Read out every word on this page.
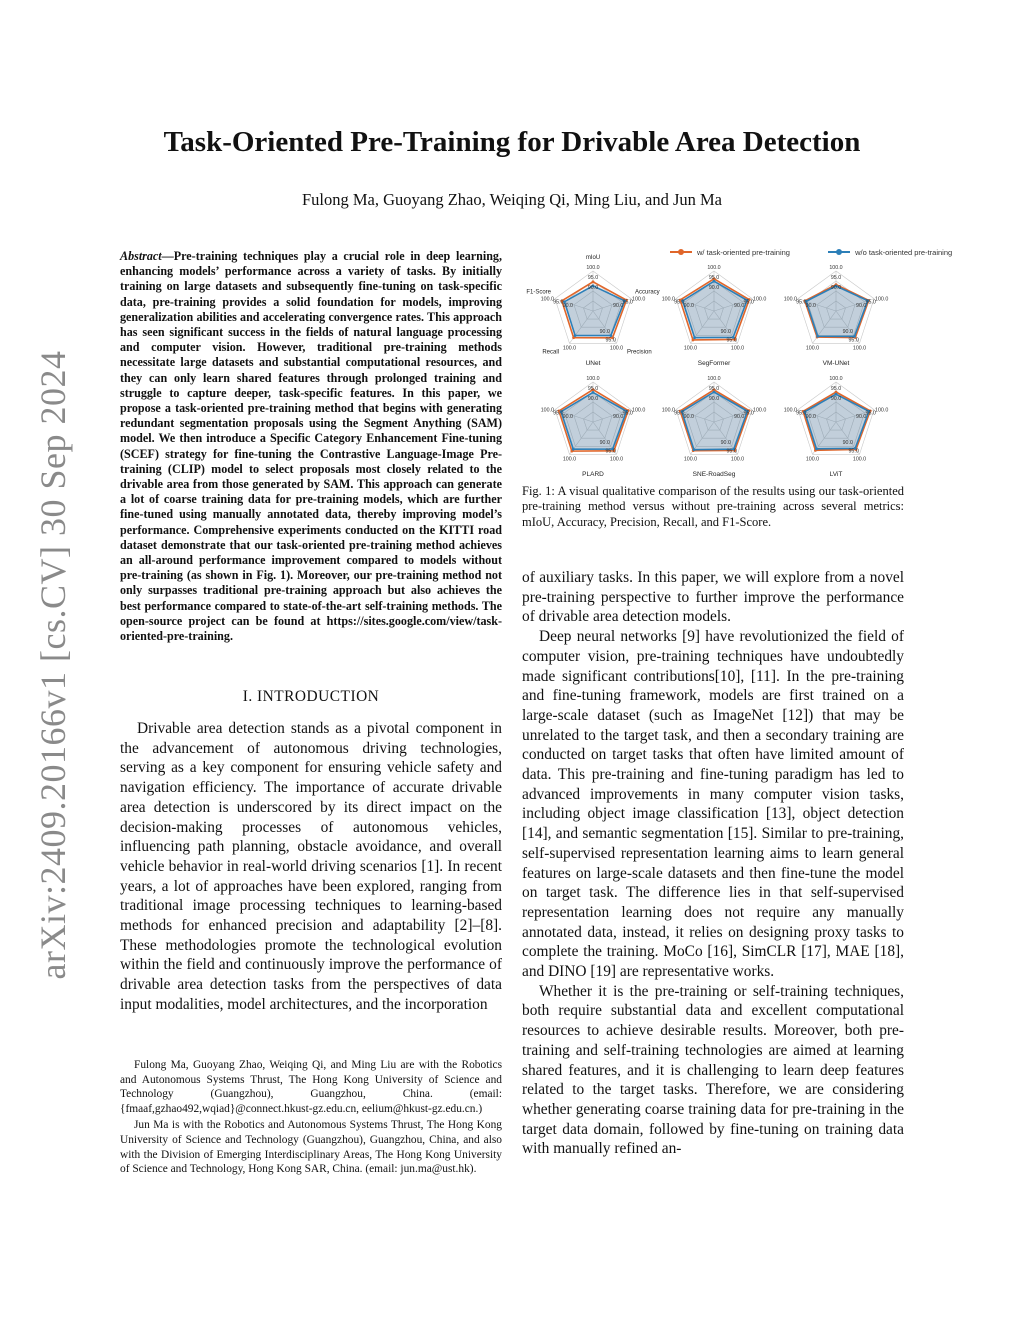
Task-Oriented Pre-Training for Drivable Area Detection
Fulong Ma, Guoyang Zhao, Weiqing Qi, Ming Liu, and Jun Ma
arXiv:2409.20166v1 [cs.CV] 30 Sep 2024
Abstract—Pre-training techniques play a crucial role in deep learning, enhancing models’ performance across a variety of tasks. By initially training on large datasets and subsequently fine-tuning on task-specific data, pre-training provides a solid foundation for models, improving generalization abilities and accelerating convergence rates. This approach has seen significant success in the fields of natural language processing and computer vision. However, traditional pre-training methods necessitate large datasets and substantial computational resources, and they can only learn shared features through prolonged training and struggle to capture deeper, task-specific features. In this paper, we propose a task-oriented pre-training method that begins with generating redundant segmentation proposals using the Segment Anything (SAM) model. We then introduce a Specific Category Enhancement Fine-tuning (SCEF) strategy for fine-tuning the Contrastive Language-Image Pre-training (CLIP) model to select proposals most closely related to the drivable area from those generated by SAM. This approach can generate a lot of coarse training data for pre-training models, which are further fine-tuned using manually annotated data, thereby improving model’s performance. Comprehensive experiments conducted on the KITTI road dataset demonstrate that our task-oriented pre-training method achieves an all-around performance improvement compared to models without pre-training (as shown in Fig. 1). Moreover, our pre-training method not only surpasses traditional pre-training approach but also achieves the best performance compared to state-of-the-art self-training methods. The open-source project can be found at https://sites.google.com/view/task-oriented-pre-training.
I. INTRODUCTION

Drivable area detection stands as a pivotal component in the advancement of autonomous driving technologies, serving as a key component for ensuring vehicle safety and navigation efficiency. The importance of accurate drivable area detection is underscored by its direct impact on the decision-making processes of autonomous vehicles, influencing path planning, obstacle avoidance, and overall vehicle behavior in real-world driving scenarios [1]. In recent years, a lot of approaches have been explored, ranging from traditional image processing techniques to learning-based methods for enhanced precision and adaptability [2]–[8]. These methodologies promote the technological evolution within the field and continuously improve the performance of drivable area detection tasks from the perspectives of data input modalities, model architectures, and the incorporation

Fulong Ma, Guoyang Zhao, Weiqing Qi, and Ming Liu are with the Robotics and Autonomous Systems Thrust, The Hong Kong University of Science and Technology (Guangzhou), Guangzhou, China. (email: {fmaaf,gzhao492,wqiad}@connect.hkust-gz.edu.cn, eelium@hkust-gz.edu.cn.)

Jun Ma is with the Robotics and Autonomous Systems Thrust, The Hong Kong University of Science and Technology (Guangzhou), Guangzhou, China, and also with the Division of Emerging Interdisciplinary Areas, The Hong Kong University of Science and Technology, Hong Kong SAR, China. (email: jun.ma@ust.hk).

w/ task-oriented pre-training
	w/o task-oriented pre-training
100.0
100.0
100.0
100.0
100.0
95.0
95.0
95.0
95.0
90.0
90.0
90.0
90.0
mIoU
Accuracy
Precision
Recall
F1-Score
UNet
100.0
100.0
100.0
100.0
100.0
95.0
95.0
95.0
95.0
90.0
90.0
90.0
90.0
SegFormer
100.0
100.0
100.0
100.0
100.0
95.0
95.0
95.0
95.0
90.0
90.0
90.0
90.0
VM-UNet
100.0
100.0
100.0
100.0
100.0
95.0
95.0
95.0
95.0
90.0
90.0
90.0
90.0
PLARD
100.0
100.0
100.0
100.0
100.0
95.0
95.0
95.0
95.0
90.0
90.0
90.0
90.0
SNE-RoadSeg
100.0
100.0
100.0
100.0
100.0
95.0
95.0
95.0
95.0
90.0
90.0
90.0
90.0
LViT
Fig. 1: A visual qualitative comparison of the results using our task-oriented pre-training method versus without pre-training across several metrics: mIoU, Accuracy, Precision, Recall, and F1-Score.

of auxiliary tasks. In this paper, we will explore from a novel pre-training perspective to further improve the performance of drivable area detection models.

Deep neural networks [9] have revolutionized the field of computer vision, pre-training techniques have undoubtedly made significant contributions[10], [11]. In the pre-training and fine-tuning framework, models are first trained on a large-scale dataset (such as ImageNet [12]) that may be unrelated to the target task, and then a secondary training are conducted on target tasks that often have limited amount of data. This pre-training and fine-tuning paradigm has led to advanced improvements in many computer vision tasks, including object image classification [13], object detection [14], and semantic segmentation [15]. Similar to pre-training, self-supervised representation learning aims to learn general features on large-scale datasets and then fine-tune the model on target task. The difference lies in that self-supervised representation learning does not require any manually annotated data, instead, it relies on designing proxy tasks to complete the training. MoCo [16], SimCLR [17], MAE [18], and DINO [19] are representative works.

Whether it is the pre-training or self-training techniques, both require substantial data and excellent computational resources to achieve desirable results. Moreover, both pre-training and self-training technologies are aimed at learning shared features, and it is challenging to learn deep features related to the target tasks. Therefore, we are considering whether generating coarse training data for pre-training in the target data domain, followed by fine-tuning on training data with manually refined an-
